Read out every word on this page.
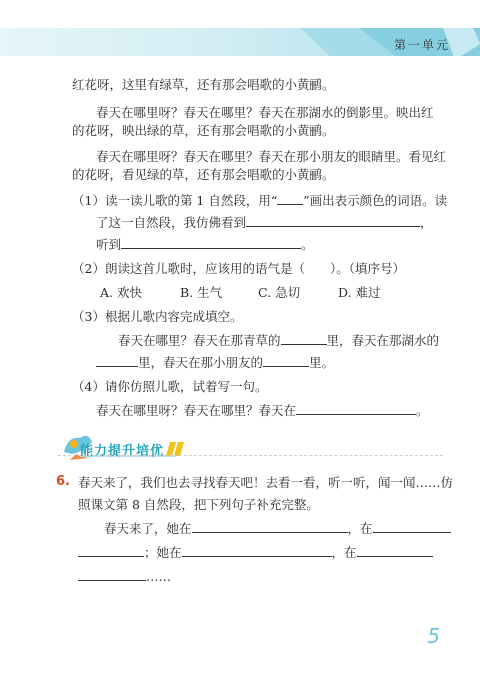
第一单元
红花呀，这里有绿草，还有那会唱歌的小黄鹂。
春天在哪里呀？春天在哪里？春天在那湖水的倒影里。映出红
的花呀，映出绿的草，还有那会唱歌的小黄鹂。
春天在哪里呀？春天在哪里？春天在那小朋友的眼睛里。看见红
的花呀，看见绿的草，还有那会唱歌的小黄鹂。
（1）读一读儿歌的第 1 自然段，用“ ”画出表示颜色的词语。读
了这一自然段，我仿佛看到	，
听到	。
（2）朗读这首儿歌时，应该用的语气是（　　）。（填序号）
A. 欢快	B. 生气	C. 急切	D. 难过
（3）根据儿歌内容完成填空。
春天在哪里？春天在那青草的	里，春天在那湖水的
里，春天在那小朋友的	里。
（4）请你仿照儿歌，试着写一句。
春天在哪里呀？春天在哪里？春天在	。
能力提升培优
6. 春天来了，我们也去寻找春天吧！去看一看，听一听，闻一闻……仿
照课文第 8 自然段，把下列句子补充完整。
春天来了，她在	，在
；她在	，在
……
5
